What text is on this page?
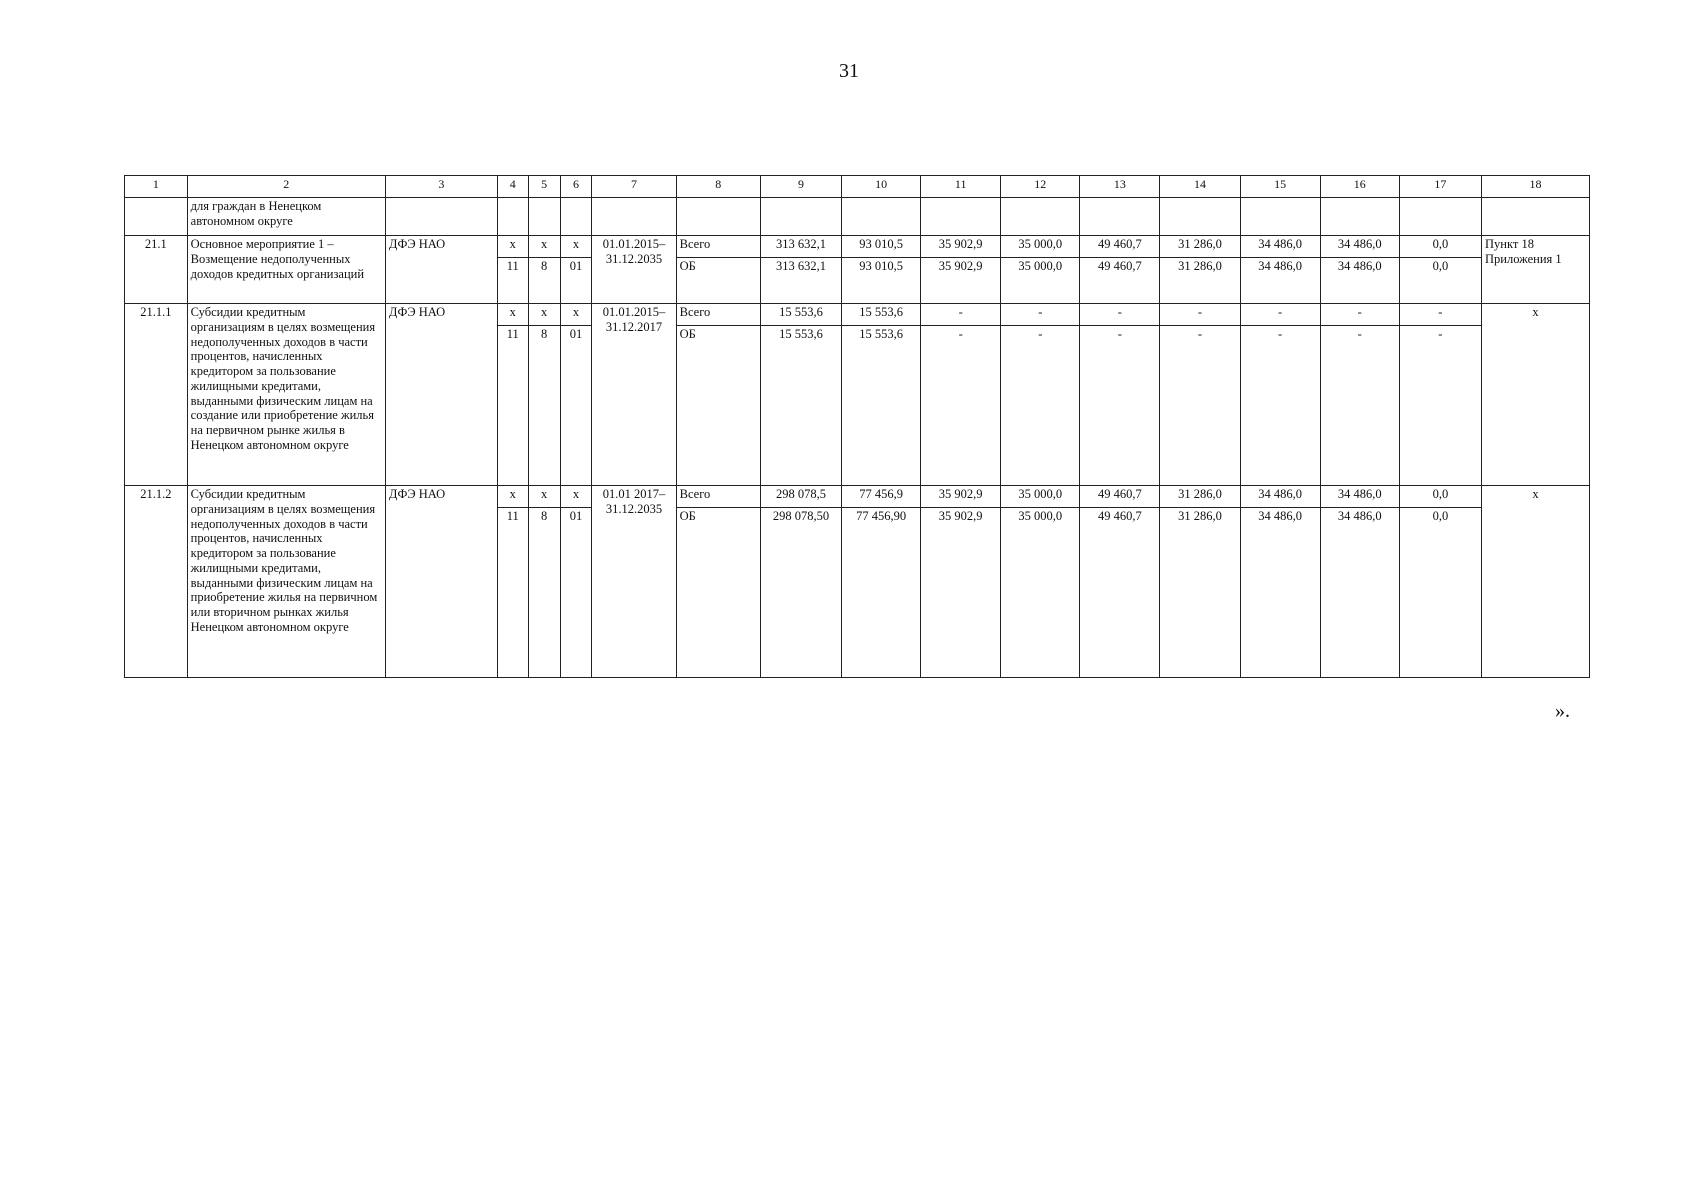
31
1	2	3	4	5	6	7	8	9	10	11	12	13	14	15	16	17	18
	для граждан в Ненецком автономном округе																
21.1	Основное мероприятие 1 – Возмещение недополученных доходов кредитных организаций	ДФЭ НАО	x	x	x	01.01.2015– 31.12.2035	Всего	313 632,1	93 010,5	35 902,9	35 000,0	49 460,7	31 286,0	34 486,0	34 486,0	0,0	Пункт 18 Приложения 1
			11	8	01		ОБ	313 632,1	93 010,5	35 902,9	35 000,0	49 460,7	31 286,0	34 486,0	34 486,0	0,0	
21.1.1	Субсидии кредитным организациям в целях возмещения недополученных доходов в части процентов, начисленных кредитором за пользование жилищными кредитами, выданными физическим лицам на создание или приобретение жилья на первичном рынке жилья в Ненецком автономном округе	ДФЭ НАО	x	x	x	01.01.2015– 31.12.2017	Всего	15 553,6	15 553,6	-	-	-	-	-	-	-	х
			11	8	01		ОБ	15 553,6	15 553,6	-	-	-	-	-	-	-	
21.1.2	Субсидии кредитным организациям в целях возмещения недополученных доходов в части процентов, начисленных кредитором за пользование жилищными кредитами, выданными физическим лицам на приобретение жилья на первичном или вторичном рынках жилья Ненецком автономном округе	ДФЭ НАО	x	x	x	01.01 2017– 31.12.2035	Всего	298 078,5	77 456,9	35 902,9	35 000,0	49 460,7	31 286,0	34 486,0	34 486,0	0,0	х
			11	8	01		ОБ	298 078,50	77 456,90	35 902,9	35 000,0	49 460,7	31 286,0	34 486,0	34 486,0	0,0	
».
